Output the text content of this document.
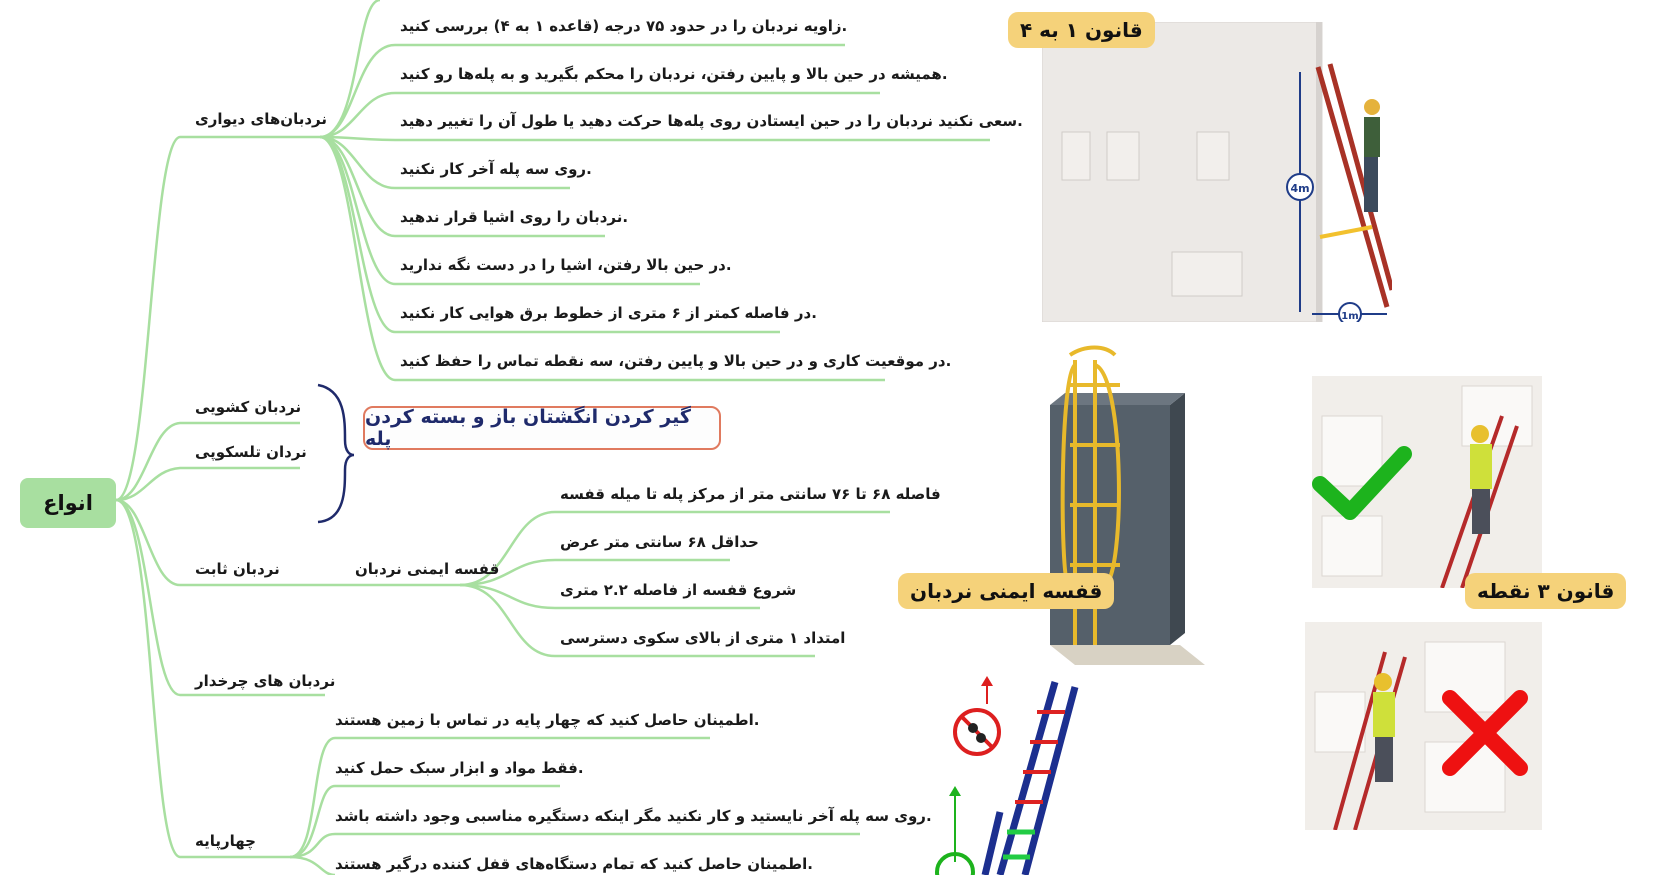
انواع
نردبان‌های دیواری
نردبان کشویی
نردان تلسکوپی
نردبان ثابت	قفسه ایمنی نردبان
نردبان های چرخدار
چهارپایه
گیر کردن انگشتان باز و بسته کردن پله
زاویه نردبان را در حدود ۷۵ درجه (قاعده ۱ به ۴) بررسی کنید.
همیشه در حین بالا و پایین رفتن، نردبان را محکم بگیرید و به پله‌ها رو کنید.
سعی نکنید نردبان را در حین ایستادن روی پله‌ها حرکت دهید یا طول آن را تغییر دهید.
روی سه پله آخر کار نکنید.
نردبان را روی اشیا قرار ندهید.
در حین بالا رفتن، اشیا را در دست نگه ندارید.
در فاصله کمتر از ۶ متری از خطوط برق هوایی کار نکنید.
در موقعیت کاری و در حین بالا و پایین رفتن، سه نقطه تماس را حفظ کنید.
فاصله ۶۸ تا ۷۶ سانتی متر از مرکز پله تا میله قفسه
حداقل ۶۸ سانتی متر عرض
شروع قفسه از فاصله ۲.۲ متری
امتداد ۱ متری از بالای سکوی دسترسی
اطمینان حاصل کنید که چهار پایه در تماس با زمین هستند.
فقط مواد و ابزار سبک حمل کنید.
روی سه پله آخر نایستید و کار نکنید مگر اینکه دستگیره مناسبی وجود داشته باشد.
اطمینان حاصل کنید که تمام دستگاه‌های قفل کننده درگیر هستند.
4m
1m
قانون ۱ به ۴
قفسه ایمنی نردبان	قانون ۳ نقطه
